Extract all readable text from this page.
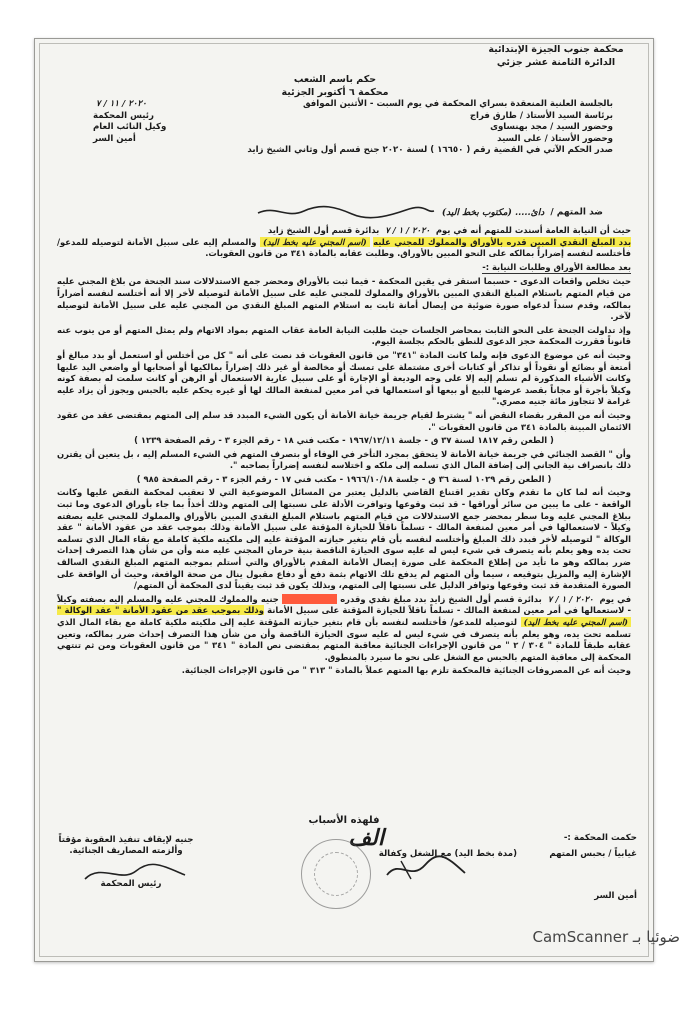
محكمة جنوب الجيزة الإبتدائية
الدائرة الثامنة عشر جزئي
حكم باسم الشعب
محكمة ٦ أكتوبر الجزئية
بالجلسة العلنية المنعقدة بسراي المحكمة في يوم السبت - الأثنين الموافق
٢٠٢٠ / ١١ / ٧
برئاسة السيد الأستاذ / طارق فراج
رئيس المحكمة
وحضور السيد / مجد بهنساوى
وكيل النائب العام
وحضور الأستاذ / على السيد
أمين السر
صدر الحكم الآتي في القضية رقم ( ١٦٦٥٠ ) لسنة ٢٠٢٠ جنح قسم أول وثاني الشيخ زايد
ضد المتهم / دائ..... (مكتوب بخط اليد)

حيث أن النيابة العامة أسندت للمتهم أنه في يوم ٢٠٢٠ / ١ / ٧ بدائرة قسم أول الشيخ زايد
بدد المبلغ النقدي المبين قدره بالأوراق والمملوك للمجني عليه (اسم المجني عليه بخط اليد) والمسلم إليه على سبيل الأمانة لتوصيله للمدعو/ فأختلسه لنفسه إضراراً بمالكه على النحو المبين بالأوراق. وطلبت عقابه بالمادة ٣٤١ من قانون العقوبات.

بعد مطالعة الأوراق وطلبات النيابة :-

حيث تخلص واقعات الدعوى - حسبما استقر في يقين المحكمة - فيما ثبت بالأوراق ومحضر جمع الاستدلالات سند الجنحة من بلاغ المجني عليه من قيام المتهم باستلام المبلغ النقدي المبين بالأوراق والمملوك للمجني عليه على سبيل الأمانة لتوصيله لأخر إلا أنه أختلسه لنفسه أضراراً بمالكه، وقدم سنداً لدعواه صورة ضوئية من إيصال أمانة ثابت به استلام المتهم المبلغ النقدي من المجني عليه على سبيل الأمانة لتوصيله لآخر.

وإذ تداولت الجنحة على النحو الثابت بمحاضر الجلسات حيث طلبت النيابة العامة عقاب المتهم بمواد الاتهام ولم يمثل المتهم أو من ينوب عنه قانوناً فقررت المحكمة حجز الدعوى للنطق بالحكم بجلسة اليوم.

وحيث أنه عن موضوع الدعوى فإنه ولما كانت المادة "٣٤١" من قانون العقوبات قد نصت على أنه " كل من أختلس أو استعمل أو بدد مبالغ أو أمتعة أو بضائع أو نقوداً أو تذاكر أو كتابات أخرى مشتملة على تمسك أو مخالصة أو غير ذلك إضراراً بمالكيها أو أصحابها أو واضعي اليد عليها وكانت الأشياء المذكورة لم تسلم إليه إلا على وجه الوديعة أو الإجارة أو على سبيل عارية الاستعمال أو الرهن أو كانت سلمت له بصفة كونه وكيلاً بأجرة أو مجاناً بقصد عرضها للبيع أو بيعها أو استعمالها في أمر معين لمنفعة المالك لها أو غيره يحكم عليه بالحبس ويجوز أن يزاد عليه غرامة لا تتجاوز مائة جنيه مصري."

وحيث أنه من المقرر بقضاء النقض أنه " يشترط لقيام جريمة خيانة الأمانة أن يكون الشيء المبدد قد سلم إلى المتهم بمقتضى عقد من عقود الائتمان المبينة بالمادة ٣٤١ من قانون العقوبات ".

( الطعن رقم ١٨١٧ لسنة ٣٧ ق - جلسة ١٩٦٧/١٢/١١ - مكتب فني ١٨ - رقم الجزء ٣ - رقم الصفحة ١٢٣٩ )

وأن " القصد الجنائي في جريمة خيانة الأمانة لا يتحقق بمجرد التأخر في الوفاء أو بتصرف المتهم في الشيء المسلم إليه ، بل يتعين أن يقترن ذلك بانصراف نية الجاني إلى إضافة المال الذي تسلمه إلى ملكه و اختلاسه لنفسه إضراراً بصاحبه ".

( الطعن رقم ١٠٢٩ لسنة ٣٦ ق - جلسة ١٩٦٦/١٠/١٨ - مكتب فني ١٧ - رقم الجزء ٣ - رقم الصفحة ٩٨٥ )

وحيث أنه لما كان ما تقدم وكان تقدير اقتناع القاضي بالدليل يعتبر من المسائل الموضوعية التي لا تعقيب لمحكمة النقض عليها وكانت الواقعة - على ما يبين من سائر أوراقها - قد ثبت وقوعها وتوافرت الأدلة على نسبتها إلى المتهم وذلك أخذاً بما جاء بأوراق الدعوى وما ثبت ببلاغ المجني عليه وما سطر بمحضر جمع الاستدلالات من قيام المتهم باستلام المبلغ النقدي المبين بالأوراق والمملوك للمجني عليه بصفته وكيلاً - لاستعمالها في أمر معين لمنفعة المالك - تسلماً ناقلاً للحيازة المؤقتة على سبيل الأمانة وذلك بموجب عقد من عقود الأمانة " عقد الوكالة " لتوصيله لأخر فبدد ذلك المبلغ وأختلسه لنفسه بأن قام بتغير حيازته المؤقتة عليه إلى ملكيته ملكية كاملة مع بقاء المال الذي تسلمه تحت يده وهو يعلم بأنه يتصرف في شيء ليس له عليه سوى الحيازة الناقصة بنية حرمان المجني عليه منه وأن من شأن هذا التصرف إحداث ضرر بمالكه وهو ما تأيد من إطلاع المحكمة على صورة إيصال الأمانة المقدم بالأوراق والتي أستلم بموجبه المتهم المبلغ النقدي السالف الإشارة إليه والمزيل بتوقيعه ، سيما وأن المتهم لم يدفع تلك الاتهام بثمة دفع أو دفاع مقبول ينال من صحة الواقعة، وحيث أن الواقعة على الصورة المتقدمة قد ثبت وقوعها وتوافر الدليل على نسبتها إلى المتهم، وبذلك يكون قد ثبت يقيناً لدى المحكمة أن المتهم/

في يوم ٢٠٢٠ / ١ / ٧ بدائرة قسم أول الشيخ زايد بدد مبلغ نقدي وقدره xxxxxxxx جنيه والمملوك للمجني عليه والمسلم إليه بصفته وكيلاً - لاستعمالها في أمر معين لمنفعة المالك - تسلماً ناقلاً للحيازة المؤقتة على سبيل الأمانة وذلك بموجب عقد من عقود الأمانة " عقد الوكالة " (اسم المجني عليه بخط اليد) لتوصيله للمدعو/ فأختلسه لنفسه بأن قام بتغير حيازته المؤقتة عليه إلى ملكيته ملكية كاملة مع بقاء المال الذي تسلمه تحت يده، وهو يعلم بأنه يتصرف في شيء ليس له عليه سوى الحيازة الناقصة وأن من شأن هذا التصرف إحداث ضرر بمالكه، وتعين عقابه طبقاً للمادة " ٣٠٤ / ٢ " من قانون الإجراءات الجنائية معاقبة المتهم بمقتضى نص المادة " ٣٤١ " من قانون العقوبات ومن ثم تنتهي المحكمة إلى معاقبة المتهم بالحبس مع الشغل على نحو ما سيرد بالمنطوق.

وحيث أنه عن المصروفات الجنائية فالمحكمة تلزم بها المتهم عملاً بالمادة " ٣١٣ " من قانون الإجراءات الجنائية.

فلهذه الأسباب
حكمت المحكمة :-
غيابياً / بحبس المتهم
أمين السر
(مدة بخط اليد) مع الشغل وكفالة
الف
جنيه لإيقاف تنفيذ العقوبة مؤقتاً وألزمته المصاريف الجنائية.
رئيس المحكمة
ضوئيا بـ CamScanner
